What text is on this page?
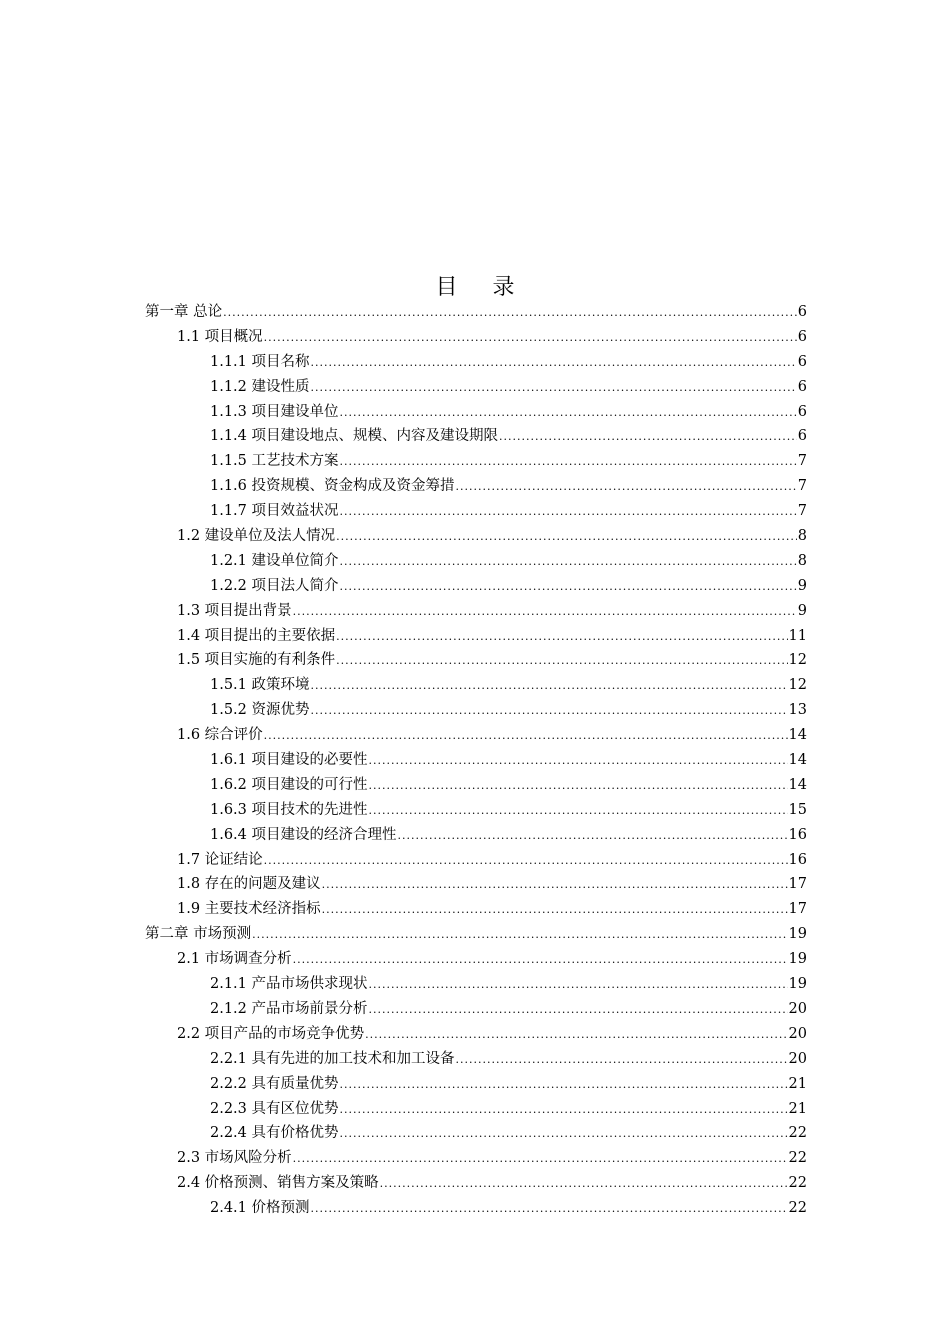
目 录
第一章 总论 .....	6
1.1 项目概况 .....	6
1.1.1 项目名称 .....	6
1.1.2 建设性质 .....	6
1.1.3 项目建设单位 .....	6
1.1.4 项目建设地点、规模、内容及建设期限 .....	6
1.1.5 工艺技术方案 .....	7
1.1.6 投资规模、资金构成及资金筹措 .....	7
1.1.7 项目效益状况 .....	7
1.2 建设单位及法人情况 .....	8
1.2.1 建设单位简介 .....	8
1.2.2 项目法人简介 .....	9
1.3 项目提出背景 .....	9
1.4 项目提出的主要依据 .....	11
1.5 项目实施的有利条件 .....	12
1.5.1 政策环境 .....	12
1.5.2 资源优势 .....	13
1.6 综合评价 .....	14
1.6.1 项目建设的必要性 .....	14
1.6.2 项目建设的可行性 .....	14
1.6.3 项目技术的先进性 .....	15
1.6.4 项目建设的经济合理性 .....	16
1.7 论证结论 .....	16
1.8 存在的问题及建议 .....	17
1.9 主要技术经济指标 .....	17
第二章 市场预测 .....	19
2.1 市场调查分析 .....	19
2.1.1 产品市场供求现状 .....	19
2.1.2 产品市场前景分析 .....	20
2.2 项目产品的市场竞争优势 .....	20
2.2.1 具有先进的加工技术和加工设备 .....	20
2.2.2 具有质量优势 .....	21
2.2.3 具有区位优势 .....	21
2.2.4 具有价格优势 .....	22
2.3 市场风险分析 .....	22
2.4 价格预测、销售方案及策略 .....	22
2.4.1 价格预测 .....	22
